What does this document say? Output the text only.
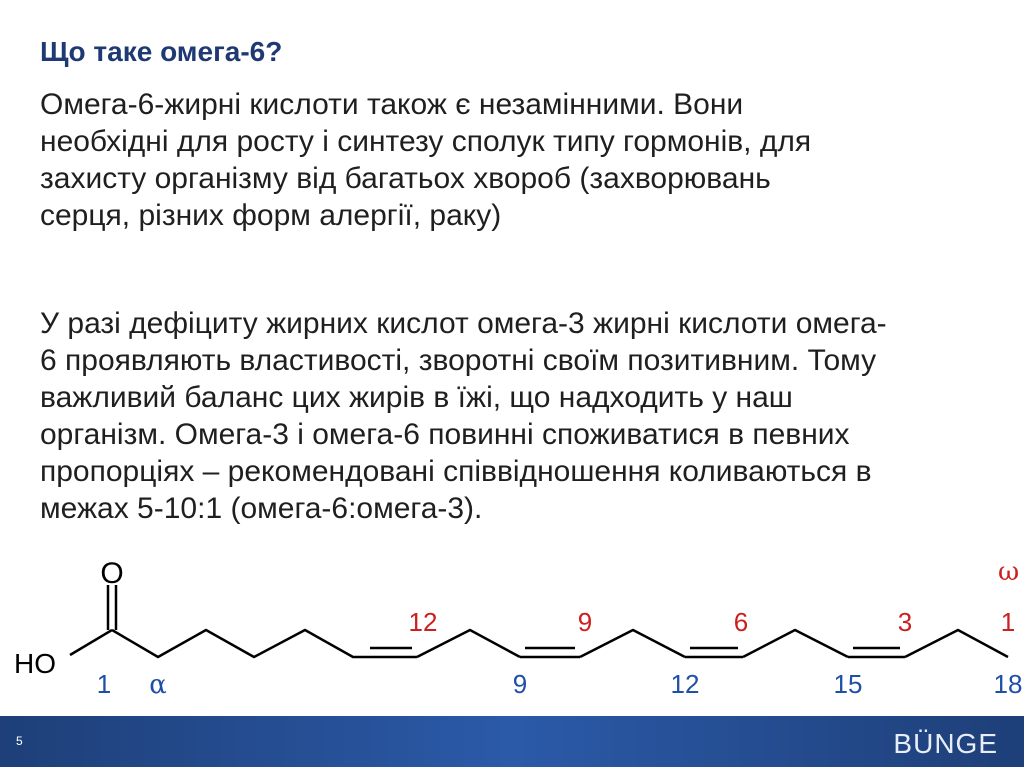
Що таке омега-6?

Омега-6-жирні кислоти також є незамінними. Вони
необхідні для росту і синтезу сполук типу гормонів, для
захисту організму від багатьох хвороб (захворювань
серця, різних форм алергії, раку)

У разі дефіциту жирних кислот омега-3 жирні кислоти омега-
6 проявляють властивості, зворотні своїм позитивним. Тому
важливий баланс цих жирів в їжі, що надходить у наш
організм. Омега-3 і омега-6 повинні споживатися в певних
пропорціях – рекомендовані співвідношення коливаються в
межах 5-10:1 (омега-6:омега-3).

O
HO
ω
1 α	9	12	15	18
12	9	6	3	1
5	BÜNGE
